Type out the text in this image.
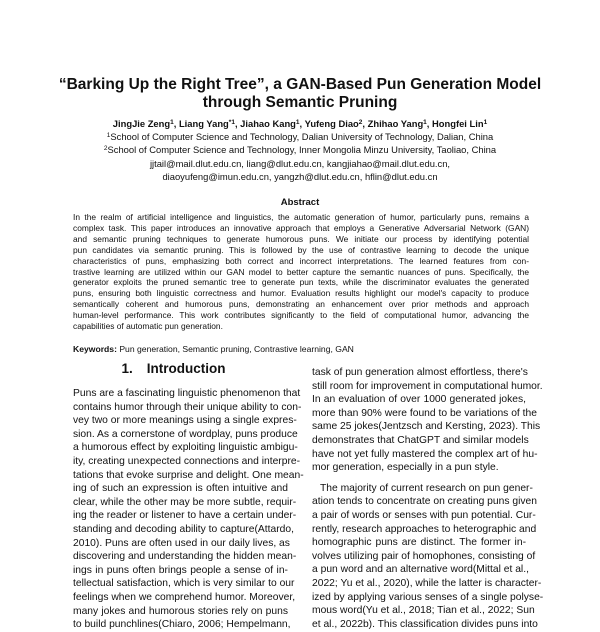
“Barking Up the Right Tree”, a GAN-Based Pun Generation Model
through Semantic Pruning
JingJie Zeng$^1$, Liang Yang$^{*1}$, Jiahao Kang$^1$, Yufeng Diao$^2$, Zhihao Yang$^1$, Hongfei Lin$^1$
$^1$School of Computer Science and Technology, Dalian University of Technology, Dalian, China
$^2$School of Computer Science and Technology, Inner Mongolia Minzu University, Taoliao, China
jjtail@mail.dlut.edu.cn, liang@dlut.edu.cn, kangjiahao@mail.dlut.edu.cn,
diaoyufeng@imun.edu.cn, yangzh@dlut.edu.cn, hflin@dlut.edu.cn
Abstract
In the realm of artificial intelligence and linguistics, the automatic generation of humor, particularly puns, remains a
complex task. This paper introduces an innovative approach that employs a Generative Adversarial Network (GAN)
and semantic pruning techniques to generate humorous puns. We initiate our process by identifying potential
pun candidates via semantic pruning. This is followed by the use of contrastive learning to decode the unique
characteristics of puns, emphasizing both correct and incorrect interpretations. The learned features from con-
trastive learning are utilized within our GAN model to better capture the semantic nuances of puns. Specifically, the
generator exploits the pruned semantic tree to generate pun texts, while the discriminator evaluates the generated
puns, ensuring both linguistic correctness and humor. Evaluation results highlight our model's capacity to produce
semantically coherent and humorous puns, demonstrating an enhancement over prior methods and approach
human-level performance. This work contributes significantly to the field of computational humor, advancing the
capabilities of automatic pun generation.
Keywords: Pun generation, Semantic pruning, Contrastive learning, GAN
1. Introduction
Puns are a fascinating linguistic phenomenon that
contains humor through their unique ability to con-
vey two or more meanings using a single expres-
sion. As a cornerstone of wordplay, puns produce
a humorous effect by exploiting linguistic ambigu-
ity, creating unexpected connections and interpre-
tations that evoke surprise and delight. One mean-
ing of such an expression is often intuitive and
clear, while the other may be more subtle, requir-
ing the reader or listener to have a certain under-
standing and decoding ability to capture(Attardo,
2010). Puns are often used in our daily lives, as
discovering and understanding the hidden mean-
ings in puns often brings people a sense of in-
tellectual satisfaction, which is very similar to our
feelings when we comprehend humor. Moreover,
many jokes and humorous stories rely on puns
to build punchlines(Chiaro, 2006; Hempelmann,
task of pun generation almost effortless, there's
still room for improvement in computational humor.
In an evaluation of over 1000 generated jokes,
more than 90% were found to be variations of the
same 25 jokes(Jentzsch and Kersting, 2023). This
demonstrates that ChatGPT and similar models
have not yet fully mastered the complex art of hu-
mor generation, especially in a pun style.
The majority of current research on pun gener-
ation tends to concentrate on creating puns given
a pair of words or senses with pun potential. Cur-
rently, research approaches to heterographic and
homographic puns are distinct. The former in-
volves utilizing pair of homophones, consisting of
a pun word and an alternative word(Mittal et al.,
2022; Yu et al., 2020), while the latter is character-
ized by applying various senses of a single polyse-
mous word(Yu et al., 2018; Tian et al., 2022; Sun
et al., 2022b). This classification divides puns into
